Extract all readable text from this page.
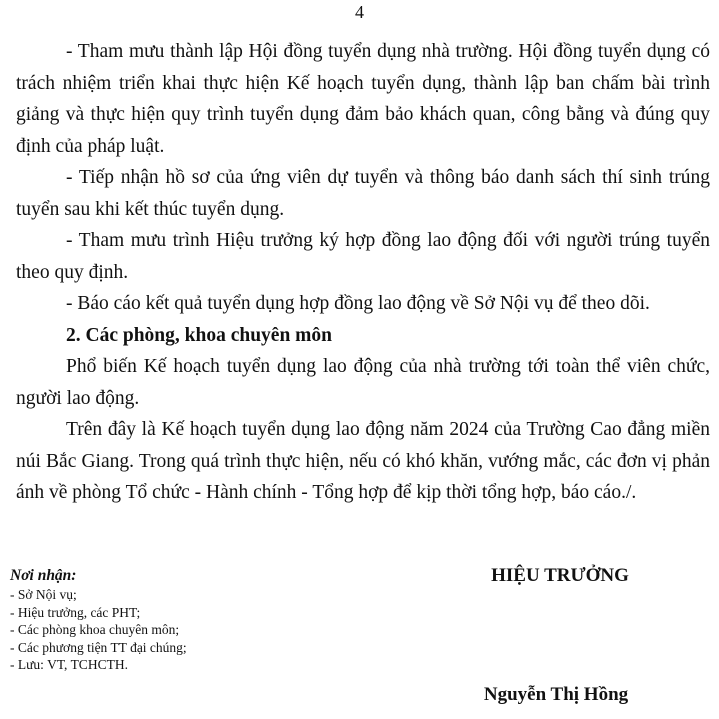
4

- Tham mưu thành lập Hội đồng tuyển dụng nhà trường. Hội đồng tuyển dụng có trách nhiệm triển khai thực hiện Kế hoạch tuyển dụng, thành lập ban chấm bài trình giảng và thực hiện quy trình tuyển dụng đảm bảo khách quan, công bằng và đúng quy định của pháp luật.

- Tiếp nhận hồ sơ của ứng viên dự tuyển và thông báo danh sách thí sinh trúng tuyển sau khi kết thúc tuyển dụng.

- Tham mưu trình Hiệu trưởng ký hợp đồng lao động đối với người trúng tuyển theo quy định.

- Báo cáo kết quả tuyển dụng hợp đồng lao động về Sở Nội vụ để theo dõi.

2. Các phòng, khoa chuyên môn

Phổ biến Kế hoạch tuyển dụng lao động của nhà trường tới toàn thể viên chức, người lao động.

Trên đây là Kế hoạch tuyển dụng lao động năm 2024 của Trường Cao đẳng miền núi Bắc Giang. Trong quá trình thực hiện, nếu có khó khăn, vướng mắc, các đơn vị phản ánh về phòng Tổ chức - Hành chính - Tổng hợp để kịp thời tổng hợp, báo cáo./.

Nơi nhận:
- Sở Nội vụ;
- Hiệu trưởng, các PHT;
- Các phòng khoa chuyên môn;
- Các phương tiện TT đại chúng;
- Lưu: VT, TCHCTH.
HIỆU TRƯỞNG
Nguyễn Thị Hồng
